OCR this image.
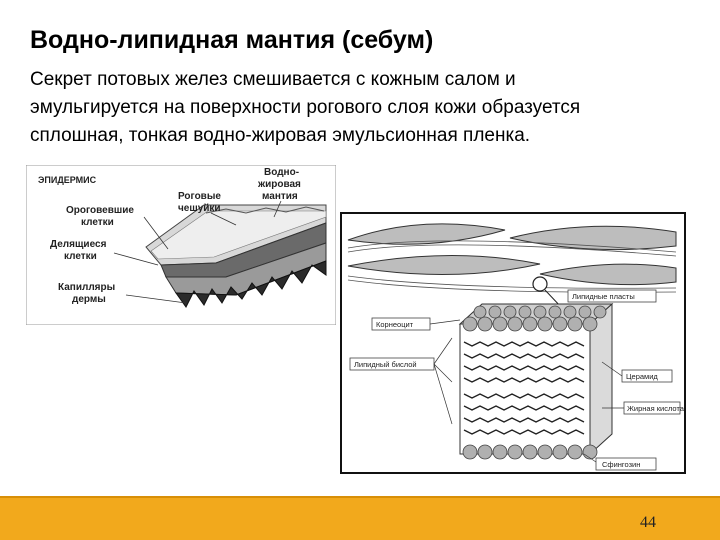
Водно-липидная мантия (себум)
Секрет потовых желез смешивается с кожным салом и
эмульгируется на поверхности рогового слоя кожи образуется
сплошная, тонкая водно-жировая эмульсионная пленка.
ЭПИДЕРМИС
Ороговевшие
клетки
Делящиеся
клетки
Капилляры
дермы
Роговые
чешуйки
Водно-
жировая
мантия
Липидные пласты
Корнеоцит
Липидный бислой
Церамид
Жирная кислота
Сфингозин
44
